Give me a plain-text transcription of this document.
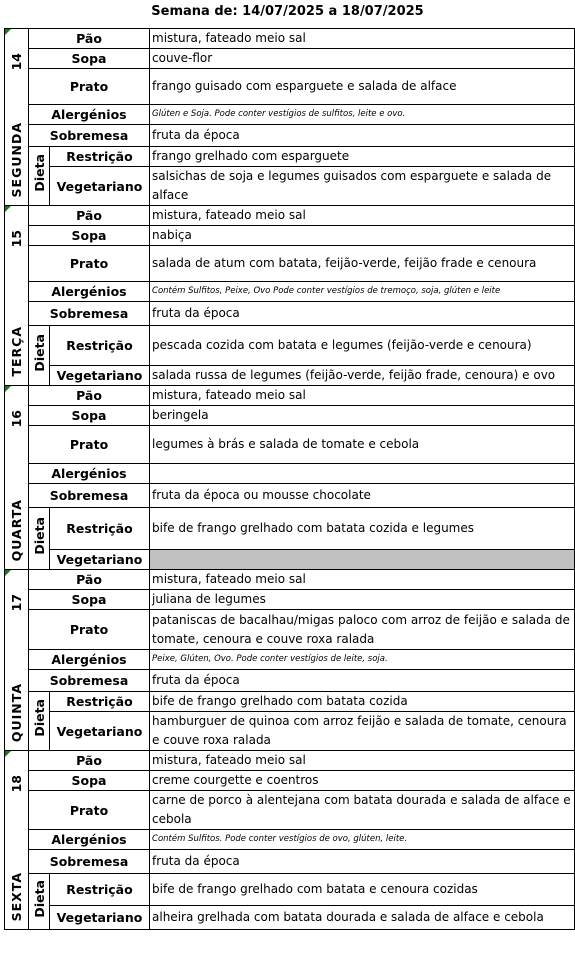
Semana de: 14/07/2025 a 18/07/2025
14
SEGUNDA	Pão		mistura, fateado meio sal
	Sopa		couve-flor
	Prato		frango guisado com esparguete e salada de alface
	Alergénios		Glúten e Soja. Pode conter vestígios de sulfitos, leite e ovo.
	Sobremesa		fruta da época
	Dieta	Restrição	frango grelhado com esparguete
		Vegetariano	salsichas de soja e legumes guisados com esparguete e salada de alface

15
TERÇA	Pão		mistura, fateado meio sal
	Sopa		nabiça
	Prato		salada de atum com batata, feijão-verde, feijão frade e cenoura
	Alergénios		Contém Sulfitos, Peixe, Ovo Pode conter vestígios de tremoço, soja, glúten e leite
	Sobremesa		fruta da época
	Dieta	Restrição	pescada cozida com batata e legumes (feijão-verde e cenoura)
		Vegetariano	salada russa de legumes (feijão-verde, feijão frade, cenoura) e ovo

16
QUARTA	Pão		mistura, fateado meio sal
	Sopa		beringela
	Prato		legumes à brás e salada de tomate e cebola
	Alergénios		
	Sobremesa		fruta da época ou mousse chocolate
	Dieta	Restrição	bife de frango grelhado com batata cozida e legumes
		Vegetariano	

17
QUINTA	Pão		mistura, fateado meio sal
	Sopa		juliana de legumes
	Prato		pataniscas de bacalhau/migas paloco com arroz de feijão e salada de tomate, cenoura e couve roxa ralada
	Alergénios		Peixe, Glúten, Ovo. Pode conter vestígios de leite, soja.
	Sobremesa		fruta da época
	Dieta	Restrição	bife de frango grelhado com batata cozida
		Vegetariano	hamburguer de quinoa com arroz feijão e salada de tomate, cenoura e couve roxa ralada

18
SEXTA	Pão		mistura, fateado meio sal
	Sopa		creme courgette e coentros
	Prato		carne de porco à alentejana com batata dourada e salada de alface e cebola
	Alergénios		Contém Sulfitos. Pode conter vestígios de ovo, glúten, leite.
	Sobremesa		fruta da época
	Dieta	Restrição	bife de frango grelhado com batata e cenoura cozidas
		Vegetariano	alheira grelhada com batata dourada e salada de alface e cebola
